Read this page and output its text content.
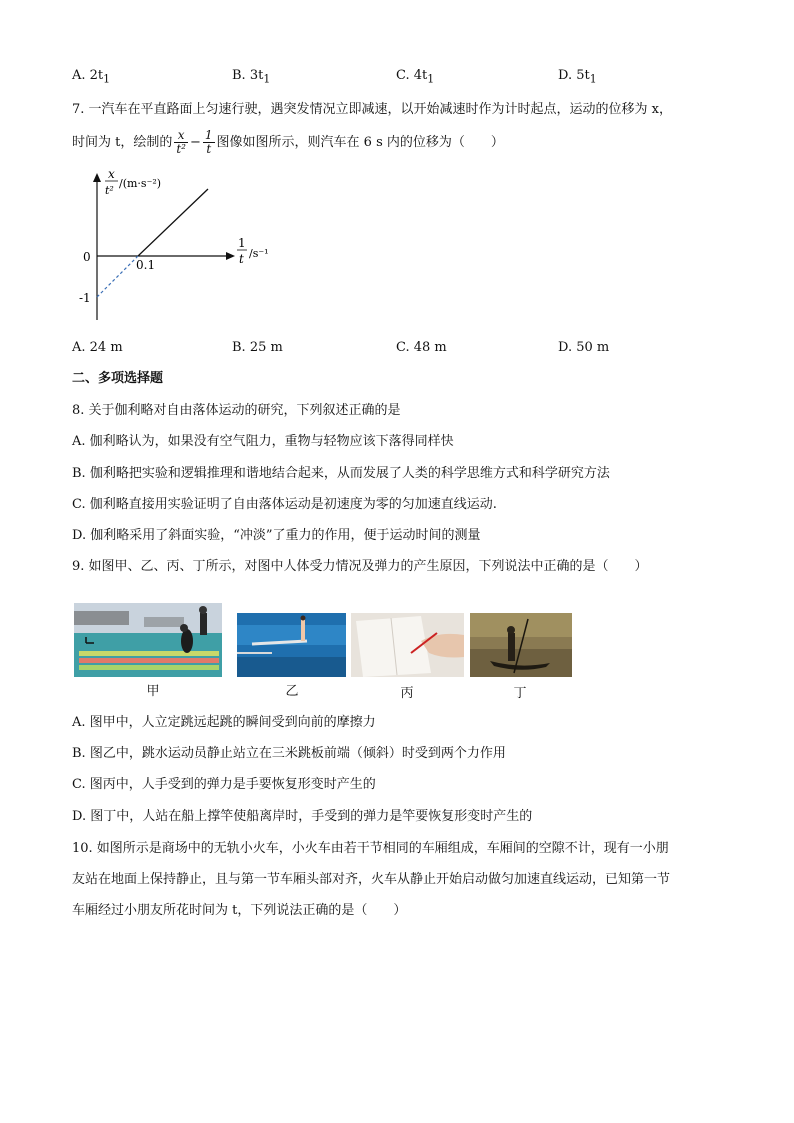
A. $2t_1$	B. $3t_1$	C. $4t_1$	D. $5t_1$
7. 一汽车在平直路面上匀速行驶，遇突发情况立即减速，以开始减速时作为计时起点，运动的位移为 x，
时间为 t，绘制的 $\frac{x}{\text{t²}} - \frac{1}{t}$ 图像如图所示，则汽车在 6 s 内的位移为（　　）
x
t²
/(m·s⁻²)
1
t /s⁻¹
0
0.1
-1
A. 24 m	B. 25 m	C. 48 m	D. 50 m
二、多项选择题
8. 关于伽利略对自由落体运动的研究，下列叙述正确的是
A. 伽利略认为，如果没有空气阻力，重物与轻物应该下落得同样快
B. 伽利略把实验和逻辑推理和谐地结合起来，从而发展了人类的科学思维方式和科学研究方法
C. 伽利略直接用实验证明了自由落体运动是初速度为零的匀加速直线运动.
D. 伽利略采用了斜面实验，“冲淡”了重力的作用，便于运动时间的测量
9. 如图甲、乙、丙、丁所示，对图中人体受力情况及弹力的产生原因，下列说法中正确的是（　　）
甲	乙	丙	丁
A. 图甲中，人立定跳远起跳的瞬间受到向前的摩擦力
B. 图乙中，跳水运动员静止站立在三米跳板前端（倾斜）时受到两个力作用
C. 图丙中，人手受到的弹力是手要恢复形变时产生的
D. 图丁中，人站在船上撑竿使船离岸时，手受到的弹力是竿要恢复形变时产生的
10. 如图所示是商场中的无轨小火车，小火车由若干节相同的车厢组成，车厢间的空隙不计，现有一小朋
友站在地面上保持静止，且与第一节车厢头部对齐，火车从静止开始启动做匀加速直线运动，已知第一节
车厢经过小朋友所花时间为 t，下列说法正确的是（　　）
